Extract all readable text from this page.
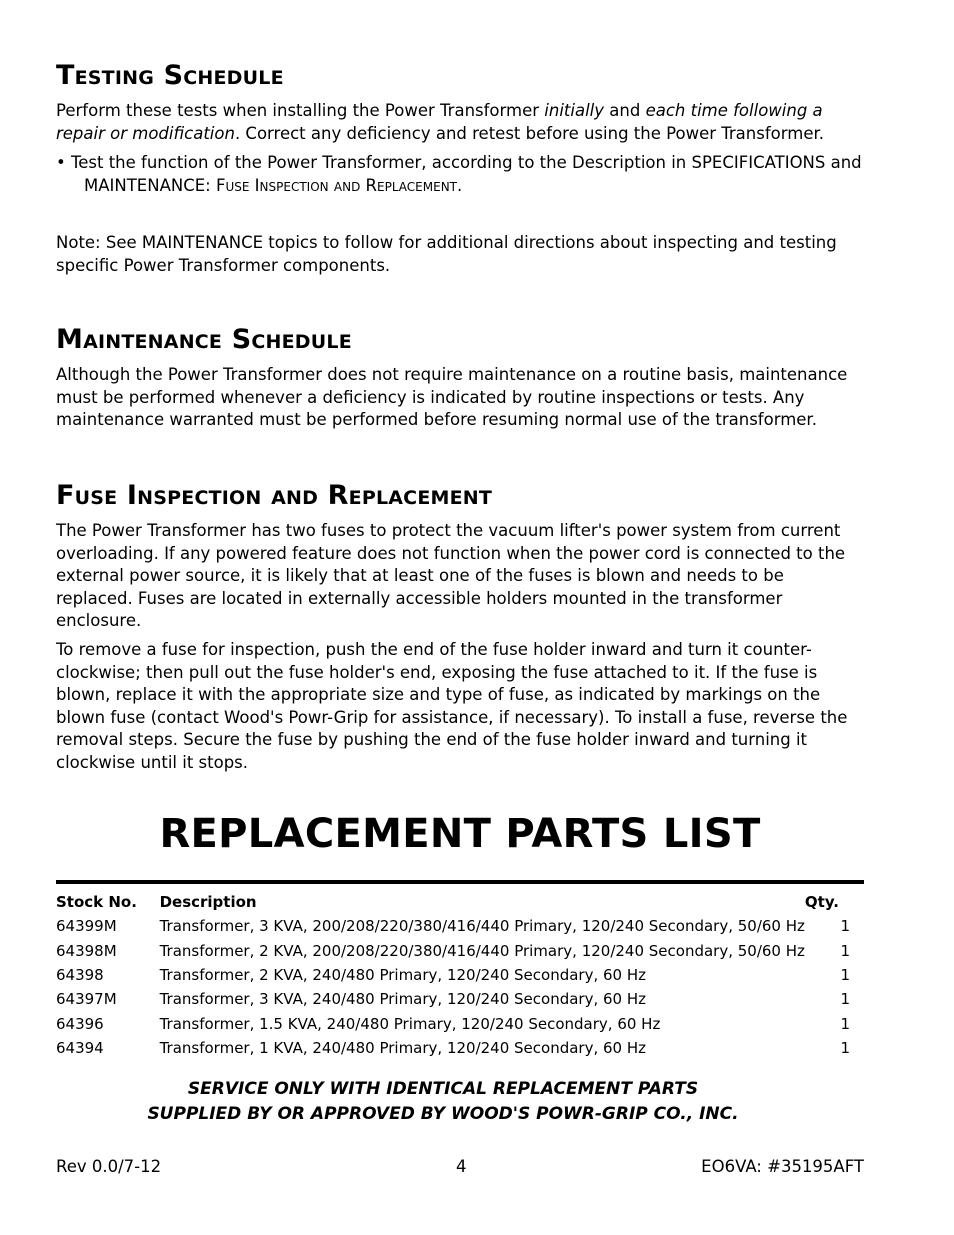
Testing Schedule

Perform these tests when installing the Power Transformer initially and each time following a repair or modification. Correct any deficiency and retest before using the Power Transformer.

• Test the function of the Power Transformer, according to the Description in SPECIFICATIONS and MAINTENANCE: Fuse Inspection and Replacement.

Note: See MAINTENANCE topics to follow for additional directions about inspecting and testing specific Power Transformer components.

Maintenance Schedule

Although the Power Transformer does not require maintenance on a routine basis, maintenance must be performed whenever a deficiency is indicated by routine inspections or tests. Any maintenance warranted must be performed before resuming normal use of the transformer.

Fuse Inspection and Replacement

The Power Transformer has two fuses to protect the vacuum lifter's power system from current overloading. If any powered feature does not function when the power cord is connected to the external power source, it is likely that at least one of the fuses is blown and needs to be replaced. Fuses are located in externally accessible holders mounted in the transformer enclosure.

To remove a fuse for inspection, push the end of the fuse holder inward and turn it counter-clockwise; then pull out the fuse holder's end, exposing the fuse attached to it. If the fuse is blown, replace it with the appropriate size and type of fuse, as indicated by markings on the blown fuse (contact Wood's Powr-Grip for assistance, if necessary). To install a fuse, reverse the removal steps. Secure the fuse by pushing the end of the fuse holder inward and turning it clockwise until it stops.

REPLACEMENT PARTS LIST
Stock No.	Description	Qty.
64399M	Transformer, 3 KVA, 200/208/220/380/416/440 Primary, 120/240 Secondary, 50/60 Hz	1
64398M	Transformer, 2 KVA, 200/208/220/380/416/440 Primary, 120/240 Secondary, 50/60 Hz	1
64398	Transformer, 2 KVA, 240/480 Primary, 120/240 Secondary, 60 Hz	1
64397M	Transformer, 3 KVA, 240/480 Primary, 120/240 Secondary, 60 Hz	1
64396	Transformer, 1.5 KVA, 240/480 Primary, 120/240 Secondary, 60 Hz	1
64394	Transformer, 1 KVA, 240/480 Primary, 120/240 Secondary, 60 Hz	1
SERVICE ONLY WITH IDENTICAL REPLACEMENT PARTS
SUPPLIED BY OR APPROVED BY WOOD'S POWR-GRIP CO., INC.
Rev 0.0/7-12	4	EO6VA: #35195AFT
